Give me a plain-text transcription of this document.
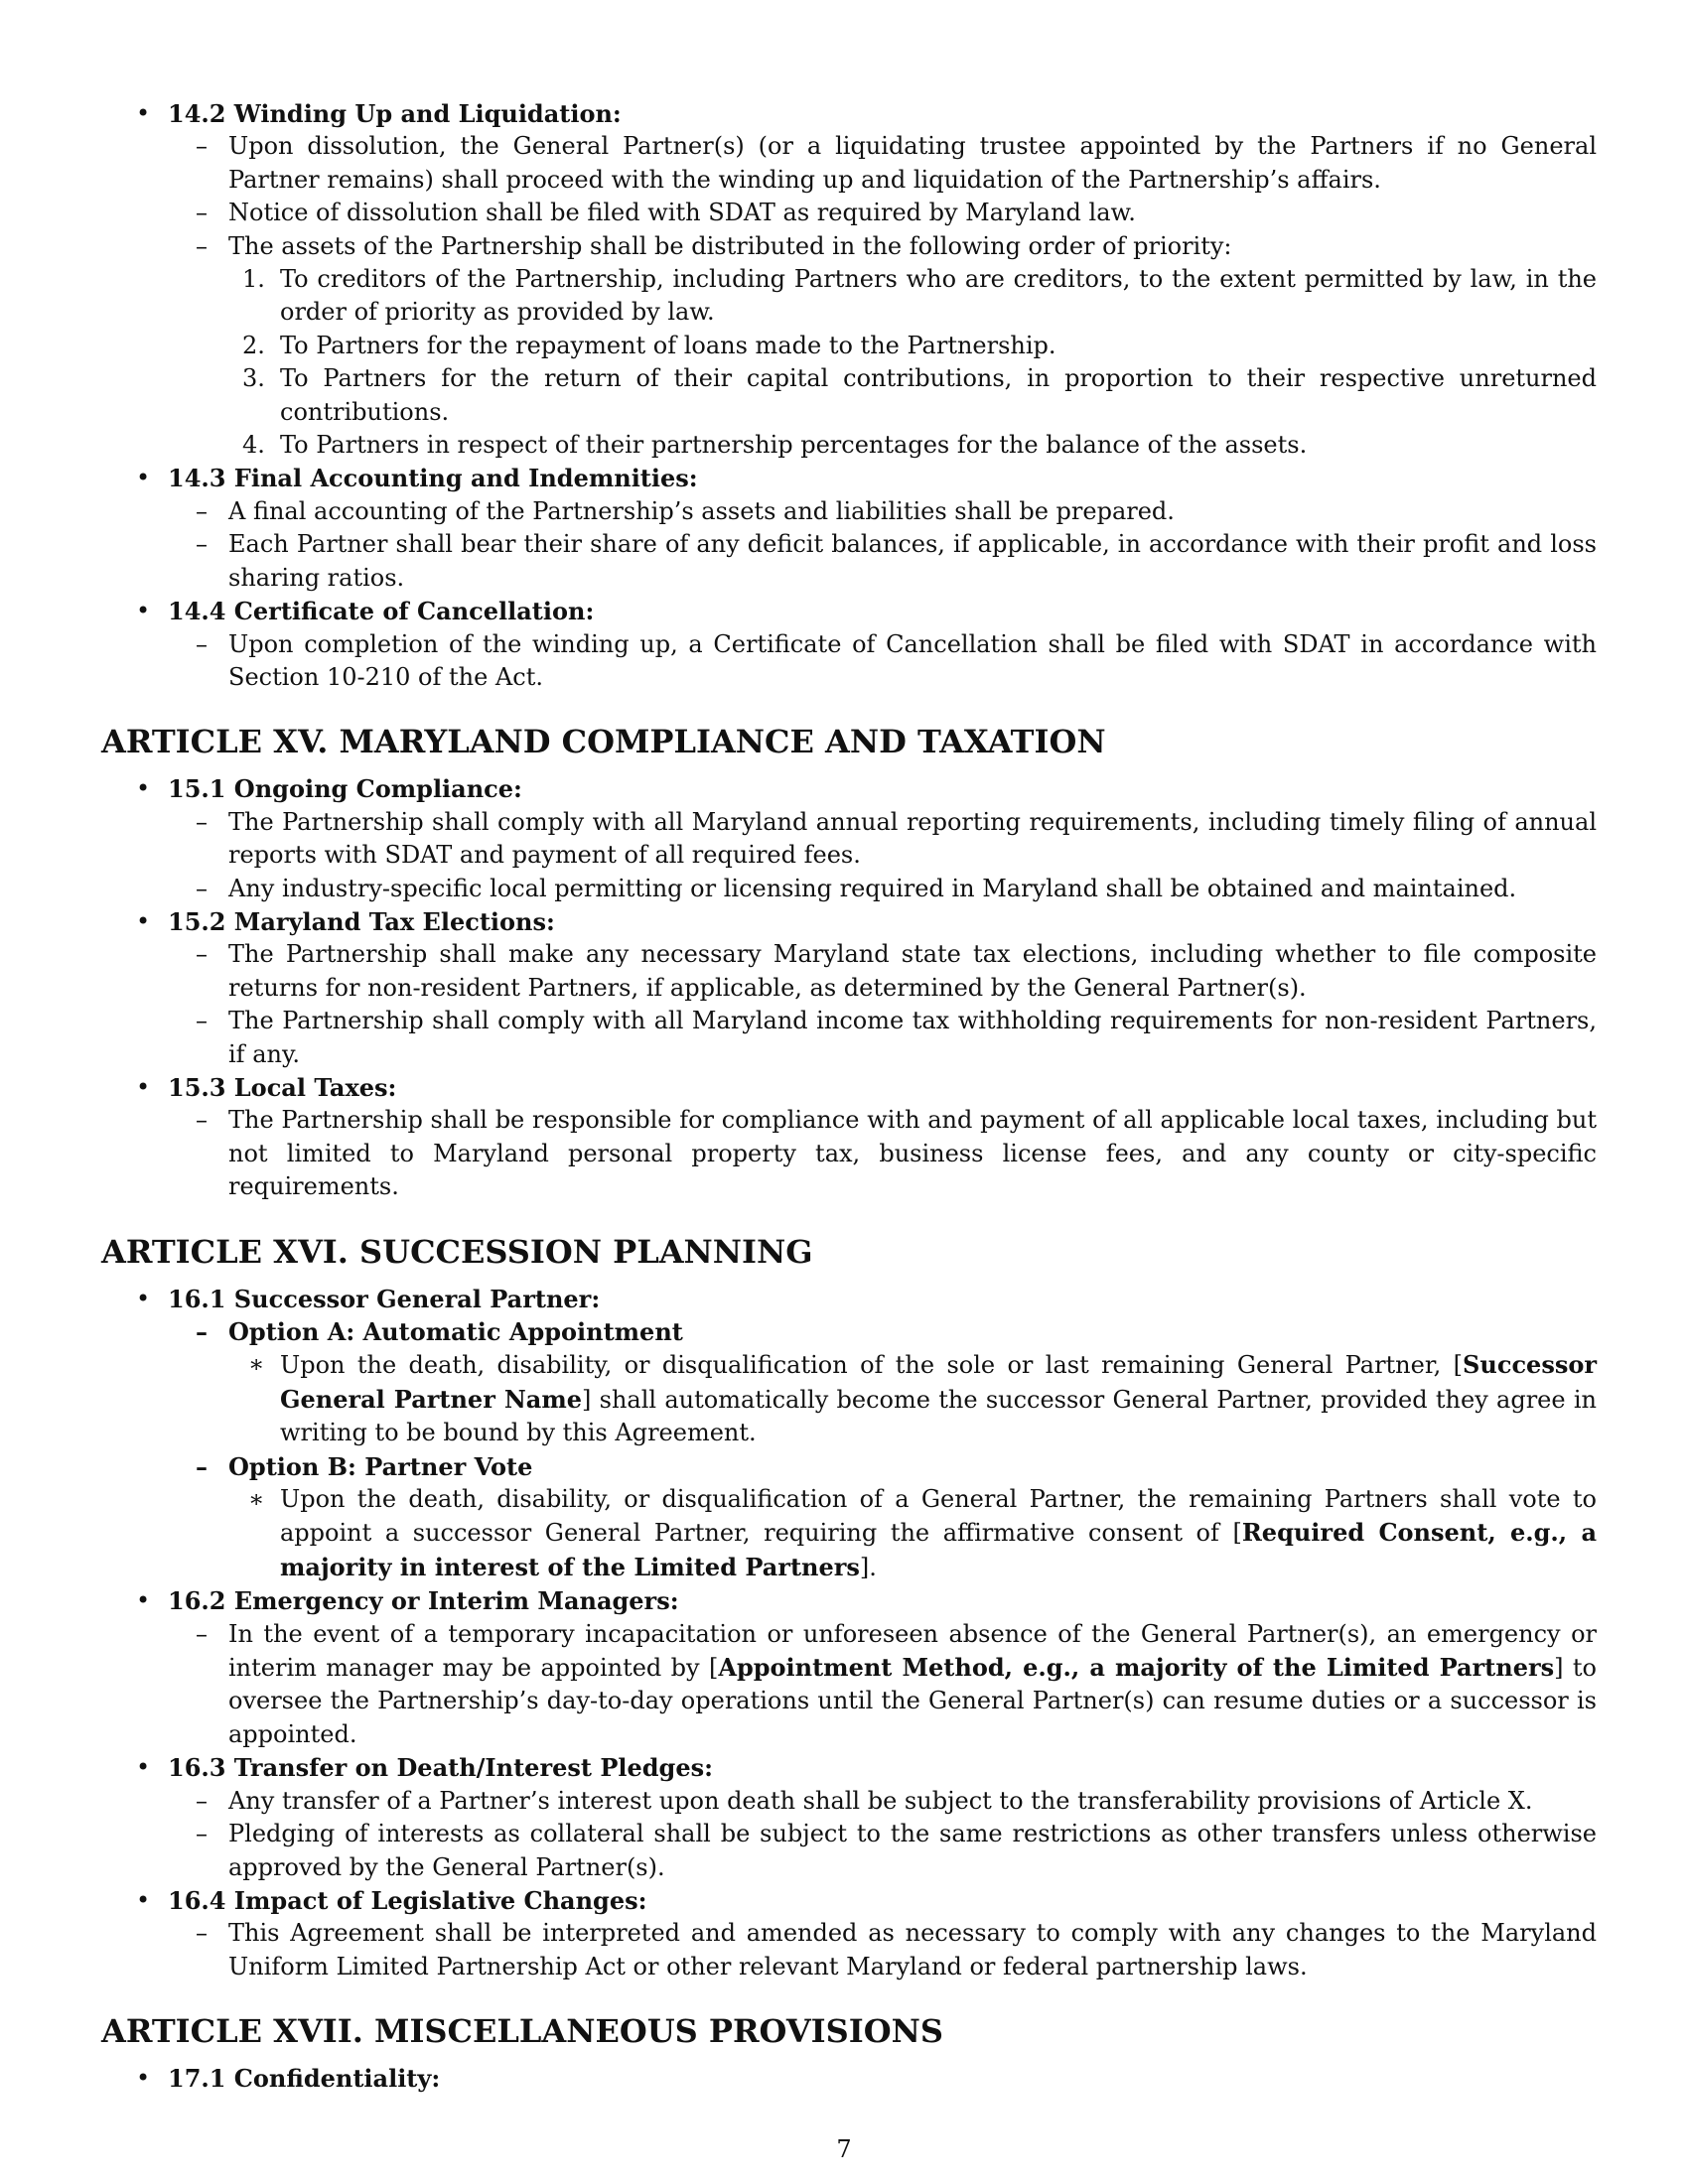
• 14.2 Winding Up and Liquidation:
– Upon dissolution, the General Partner(s) (or a liquidating trustee appointed by the Partners if no General Partner remains) shall proceed with the winding up and liquidation of the Partnership’s affairs.
– Notice of dissolution shall be filed with SDAT as required by Maryland law.
– The assets of the Partnership shall be distributed in the following order of priority:
1. To creditors of the Partnership, including Partners who are creditors, to the extent permitted by law, in the order of priority as provided by law.
2. To Partners for the repayment of loans made to the Partnership.
3. To Partners for the return of their capital contributions, in proportion to their respective unreturned contributions.
4. To Partners in respect of their partnership percentages for the balance of the assets.
• 14.3 Final Accounting and Indemnities:
– A final accounting of the Partnership’s assets and liabilities shall be prepared.
– Each Partner shall bear their share of any deficit balances, if applicable, in accordance with their profit and loss sharing ratios.
• 14.4 Certificate of Cancellation:
– Upon completion of the winding up, a Certificate of Cancellation shall be filed with SDAT in accordance with Section 10-210 of the Act.
ARTICLE XV. MARYLAND COMPLIANCE AND TAXATION
• 15.1 Ongoing Compliance:
– The Partnership shall comply with all Maryland annual reporting requirements, including timely filing of annual reports with SDAT and payment of all required fees.
– Any industry-specific local permitting or licensing required in Maryland shall be obtained and maintained.
• 15.2 Maryland Tax Elections:
– The Partnership shall make any necessary Maryland state tax elections, including whether to file composite returns for non-resident Partners, if applicable, as determined by the General Partner(s).
– The Partnership shall comply with all Maryland income tax withholding requirements for non-resident Partners, if any.
• 15.3 Local Taxes:
– The Partnership shall be responsible for compliance with and payment of all applicable local taxes, including but not limited to Maryland personal property tax, business license fees, and any county or city-specific requirements.
ARTICLE XVI. SUCCESSION PLANNING
• 16.1 Successor General Partner:
– Option A: Automatic Appointment
∗ Upon the death, disability, or disqualification of the sole or last remaining General Partner, [Successor General Partner Name] shall automatically become the successor General Partner, provided they agree in writing to be bound by this Agreement.
– Option B: Partner Vote
∗ Upon the death, disability, or disqualification of a General Partner, the remaining Partners shall vote to appoint a successor General Partner, requiring the affirmative consent of [Required Consent, e.g., a majority in interest of the Limited Partners].
• 16.2 Emergency or Interim Managers:
– In the event of a temporary incapacitation or unforeseen absence of the General Partner(s), an emergency or interim manager may be appointed by [Appointment Method, e.g., a majority of the Limited Partners] to oversee the Partnership’s day-to-day operations until the General Partner(s) can resume duties or a successor is appointed.
• 16.3 Transfer on Death/Interest Pledges:
– Any transfer of a Partner’s interest upon death shall be subject to the transferability provisions of Article X.
– Pledging of interests as collateral shall be subject to the same restrictions as other transfers unless otherwise approved by the General Partner(s).
• 16.4 Impact of Legislative Changes:
– This Agreement shall be interpreted and amended as necessary to comply with any changes to the Maryland Uniform Limited Partnership Act or other relevant Maryland or federal partnership laws.
ARTICLE XVII. MISCELLANEOUS PROVISIONS
• 17.1 Confidentiality:
7
